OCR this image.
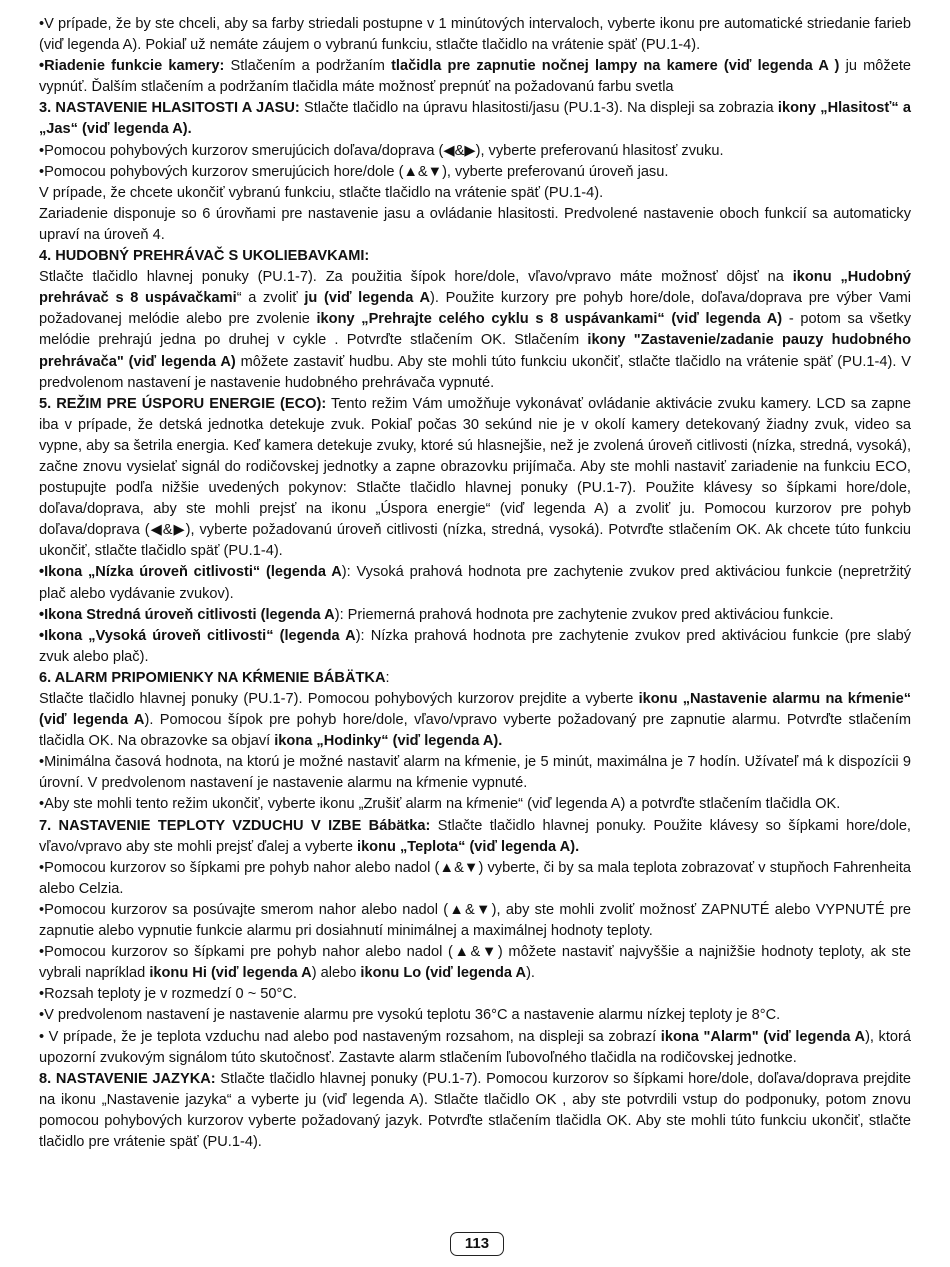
•V prípade, že by ste chceli, aby sa farby striedali postupne v 1 minútových intervaloch, vyberte ikonu pre automatické striedanie farieb (viď legenda A). Pokiaľ už nemáte záujem o vybranú funkciu, stlačte tlačidlo na vrátenie späť (PU.1-4).

•Riadenie funkcie kamery: Stlačením a podržaním tlačidla pre zapnutie nočnej lampy na kamere (viď legenda A ) ju môžete vypnúť. Ďalším stlačením a podržaním tlačidla máte možnosť prepnúť na požadovanú farbu svetla

3. NASTAVENIE HLASITOSTI A JASU: Stlačte tlačidlo na úpravu hlasitosti/jasu (PU.1-3). Na displeji sa zobrazia ikony „Hlasitosť“ a „Jas“ (viď legenda A).

•Pomocou pohybových kurzorov smerujúcich doľava/doprava (◀&▶), vyberte preferovanú hlasitosť zvuku.

•Pomocou pohybových kurzorov smerujúcich hore/dole (▲&▼), vyberte preferovanú úroveň jasu.

V prípade, že chcete ukončiť vybranú funkciu, stlačte tlačidlo na vrátenie späť (PU.1-4).

Zariadenie disponuje so 6 úrovňami pre nastavenie jasu a ovládanie hlasitosti. Predvolené nastavenie oboch funkcií sa automaticky upraví na úroveň 4.

4. HUDOBNÝ PREHRÁVAČ S UKOLIEBAVKAMI:

Stlačte tlačidlo hlavnej ponuky (PU.1-7). Za použitia šípok hore/dole, vľavo/vpravo máte možnosť dôjsť na ikonu „Hudobný prehrávač s 8 uspávačkami“ a zvoliť ju (viď legenda A). Použite kurzory pre pohyb hore/dole, doľava/doprava pre výber Vami požadovanej melódie alebo pre zvolenie ikony „Prehrajte celého cyklu s 8 uspávankami“ (viď legenda A) - potom sa všetky melódie prehrajú jedna po druhej v cykle . Potvrďte stlačením OK. Stlačením ikony "Zastavenie/zadanie pauzy hudobného prehrávača" (viď legenda A) môžete zastaviť hudbu. Aby ste mohli túto funkciu ukončiť, stlačte tlačidlo na vrátenie späť (PU.1-4). V predvolenom nastavení je nastavenie hudobného prehrávača vypnuté.

5. REŽIM PRE ÚSPORU ENERGIE (ECO): Tento režim Vám umožňuje vykonávať ovládanie aktivácie zvuku kamery. LCD sa zapne iba v prípade, že detská jednotka detekuje zvuk. Pokiaľ počas 30 sekúnd nie je v okolí kamery detekovaný žiadny zvuk, video sa vypne, aby sa šetrila energia. Keď kamera detekuje zvuky, ktoré sú hlasnejšie, než je zvolená úroveň citlivosti (nízka, stredná, vysoká), začne znovu vysielať signál do rodičovskej jednotky a zapne obrazovku prijímača. Aby ste mohli nastaviť zariadenie na funkciu ECO, postupujte podľa nižšie uvedených pokynov: Stlačte tlačidlo hlavnej ponuky (PU.1-7). Použite klávesy so šípkami hore/dole, doľava/doprava, aby ste mohli prejsť na ikonu „Úspora energie“ (viď legenda A) a zvoliť ju. Pomocou kurzorov pre pohyb doľava/doprava (◀&▶), vyberte požadovanú úroveň citlivosti (nízka, stredná, vysoká). Potvrďte stlačením OK. Ak chcete túto funkciu ukončiť, stlačte tlačidlo späť (PU.1-4).

•Ikona „Nízka úroveň citlivosti“ (legenda A): Vysoká prahová hodnota pre zachytenie zvukov pred aktiváciou funkcie (nepretržitý plač alebo vydávanie zvukov).

•Ikona Stredná úroveň citlivosti (legenda A): Priemerná prahová hodnota pre zachytenie zvukov pred aktiváciou funkcie.

•Ikona „Vysoká úroveň citlivosti“ (legenda A): Nízka prahová hodnota pre zachytenie zvukov pred aktiváciou funkcie (pre slabý zvuk alebo plač).

6. ALARM PRIPOMIENKY NA KŔMENIE BÁBÄTKA:

Stlačte tlačidlo hlavnej ponuky (PU.1-7). Pomocou pohybových kurzorov prejdite a vyberte ikonu „Nastavenie alarmu na kŕmenie“ (viď legenda A). Pomocou šípok pre pohyb hore/dole, vľavo/vpravo vyberte požadovaný pre zapnutie alarmu. Potvrďte stlačením tlačidla OK. Na obrazovke sa objaví ikona „Hodinky“ (viď legenda A).

•Minimálna časová hodnota, na ktorú je možné nastaviť alarm na kŕmenie, je 5 minút, maximálna je 7 hodín. Užívateľ má k dispozícii 9 úrovní. V predvolenom nastavení je nastavenie alarmu na kŕmenie vypnuté.

•Aby ste mohli tento režim ukončiť, vyberte ikonu „Zrušiť alarm na kŕmenie“ (viď legenda A) a potvrďte stlačením tlačidla OK.

7. NASTAVENIE TEPLOTY VZDUCHU V IZBE Bábätka: Stlačte tlačidlo hlavnej ponuky. Použite klávesy so šípkami hore/dole, vľavo/vpravo aby ste mohli prejsť ďalej a vyberte ikonu „Teplota“ (viď legenda A).

•Pomocou kurzorov so šípkami pre pohyb nahor alebo nadol (▲&▼) vyberte, či by sa mala teplota zobrazovať v stupňoch Fahrenheita alebo Celzia.

•Pomocou kurzorov sa posúvajte smerom nahor alebo nadol (▲&▼), aby ste mohli zvoliť možnosť ZAPNUTÉ alebo VYPNUTÉ pre zapnutie alebo vypnutie funkcie alarmu pri dosiahnutí minimálnej a maximálnej hodnoty teploty.

•Pomocou kurzorov so šípkami pre pohyb nahor alebo nadol (▲&▼) môžete nastaviť najvyššie a najnižšie hodnoty teploty, ak ste vybrali napríklad ikonu Hi (viď legenda A) alebo ikonu Lo (viď legenda A).

•Rozsah teploty je v rozmedzí 0 ~ 50°C.

•V predvolenom nastavení je nastavenie alarmu pre vysokú teplotu 36°C a nastavenie alarmu nízkej teploty je 8°C.

• V prípade, že je teplota vzduchu nad alebo pod nastaveným rozsahom, na displeji sa zobrazí ikona "Alarm" (viď legenda A), ktorá upozorní zvukovým signálom túto skutočnosť. Zastavte alarm stlačením ľubovoľného tlačidla na rodičovskej jednotke.

8. NASTAVENIE JAZYKA: Stlačte tlačidlo hlavnej ponuky (PU.1-7). Pomocou kurzorov so šípkami hore/dole, doľava/doprava prejdite na ikonu „Nastavenie jazyka“ a vyberte ju (viď legenda A). Stlačte tlačidlo OK , aby ste potvrdili vstup do podponuky, potom znovu pomocou pohybových kurzorov vyberte požadovaný jazyk. Potvrďte stlačením tlačidla OK. Aby ste mohli túto funkciu ukončiť, stlačte tlačidlo pre vrátenie späť (PU.1-4).

113
